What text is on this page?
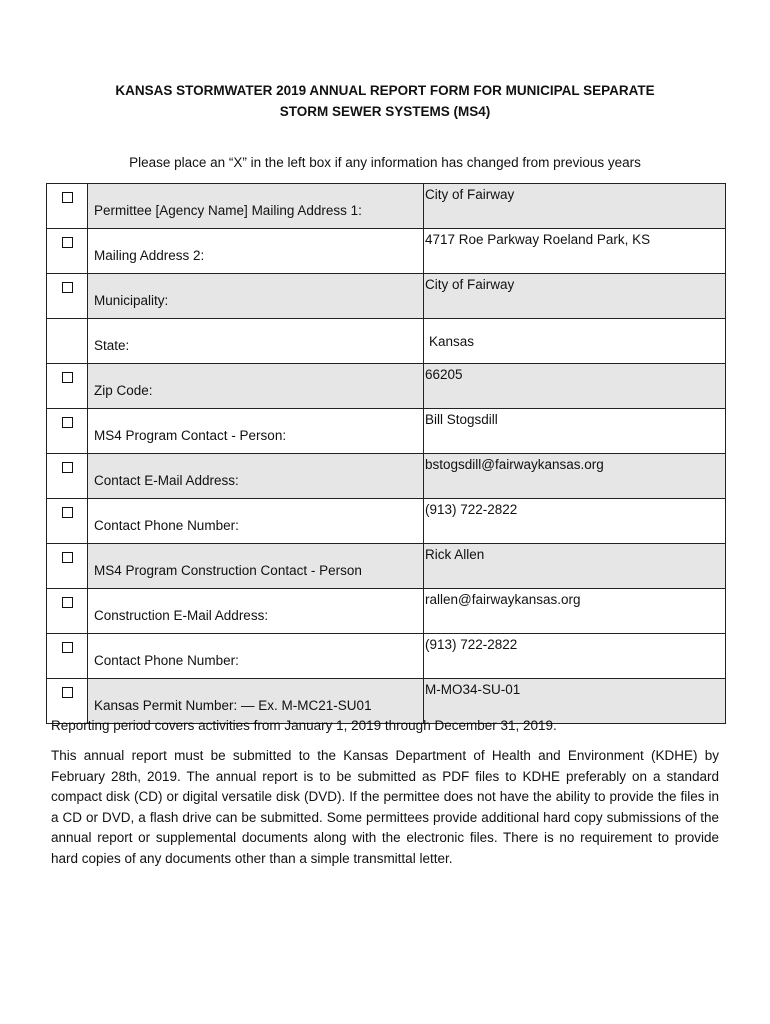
KANSAS STORMWATER 2019 ANNUAL REPORT FORM FOR MUNICIPAL SEPARATE
STORM SEWER SYSTEMS (MS4)
Please place an “X” in the left box if any information has changed from previous years
	Permittee [Agency Name] Mailing Address 1:	City of Fairway
	Mailing Address 2:	4717 Roe Parkway Roeland Park, KS
	Municipality:	City of Fairway
	State:	Kansas
	Zip Code:	66205
	MS4 Program Contact - Person:	Bill Stogsdill
	Contact E-Mail Address:	bstogsdill@fairwaykansas.org
	Contact Phone Number:	(913) 722-2822
	MS4 Program Construction Contact - Person	Rick Allen
	Construction E-Mail Address:	rallen@fairwaykansas.org
	Contact Phone Number:	(913) 722-2822
	Kansas Permit Number: — Ex. M-MC21-SU01	M-MO34-SU-01
Reporting period covers activities from January 1, 2019 through December 31, 2019.
This annual report must be submitted to the Kansas Department of Health and Environment (KDHE) by February 28th, 2019. The annual report is to be submitted as PDF files to KDHE preferably on a standard compact disk (CD) or digital versatile disk (DVD). If the permittee does not have the ability to provide the files in a CD or DVD, a flash drive can be submitted. Some permittees provide additional hard copy submissions of the annual report or supplemental documents along with the electronic files. There is no requirement to provide hard copies of any documents other than a simple transmittal letter.
